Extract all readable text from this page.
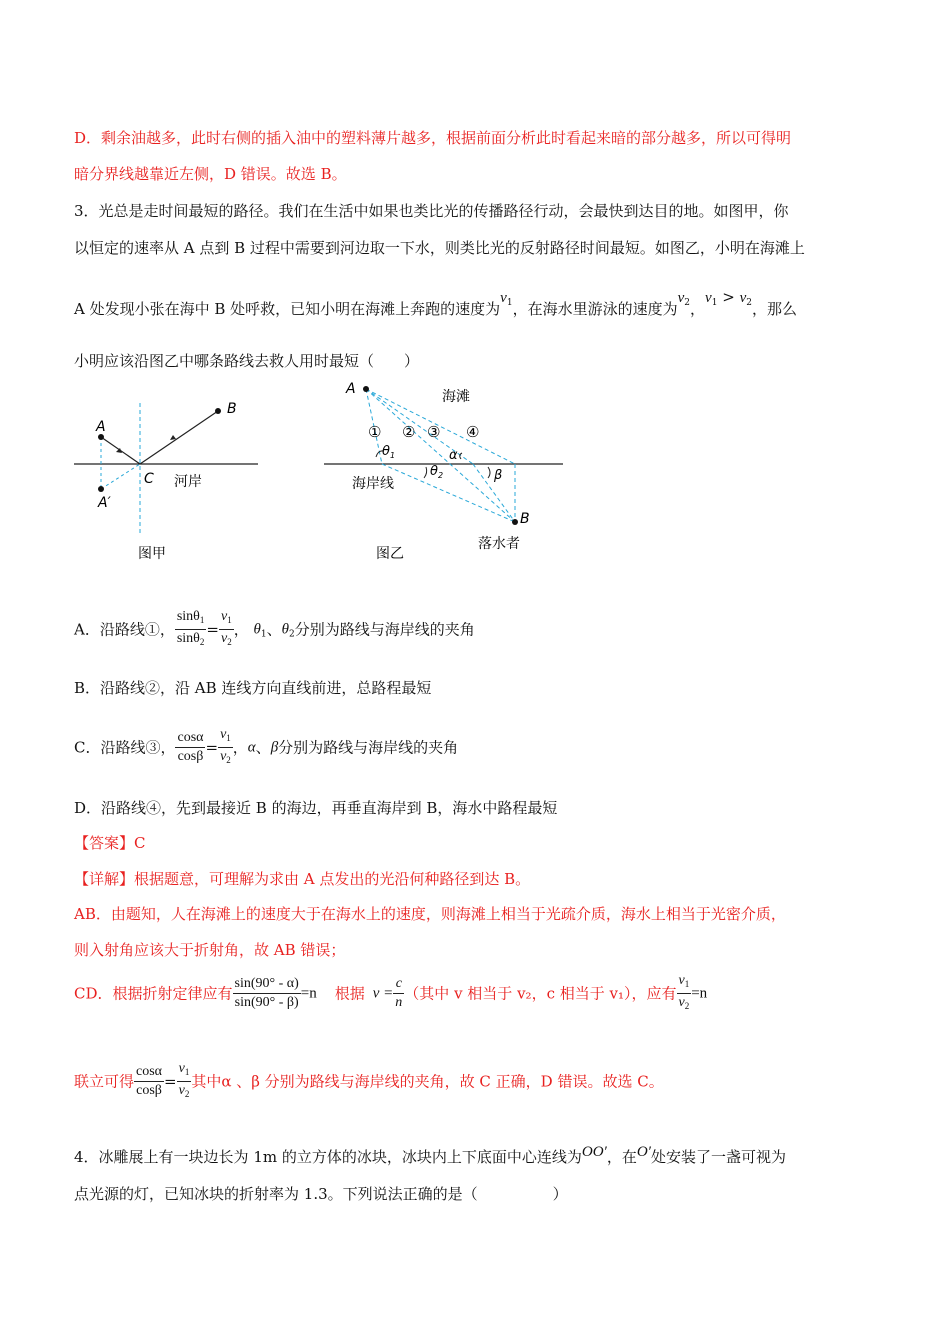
D．剩余油越多，此时右侧的插入油中的塑料薄片越多，根据前面分析此时看起来暗的部分越多，所以可得明
暗分界线越靠近左侧，D 错误。故选 B。
3．光总是走时间最短的路径。我们在生活中如果也类比光的传播路径行动，会最快到达目的地。如图甲，你
以恒定的速率从 A 点到 B 过程中需要到河边取一下水，则类比光的反射路径时间最短。如图乙，小明在海滩上
A 处发现小张在海中 B 处呼救，已知小明在海滩上奔跑的速度为$v_1$，在海水里游泳的速度为$v_2$，$v_1 > v_2$，那么
小明应该沿图乙中哪条路线去救人用时最短（　　）
A
B
C
A′
河岸
图甲
A
B
海滩
海岸线
落水者
① ② ③ ④
$\theta_1$
$\theta_2$
α
β
图乙
A．沿路线①， $\frac{\sin\theta_1}{\sin\theta_2} = \frac{v_1}{v_2}$ ， $\theta_1$、$\theta_2$分别为路线与海岸线的夹角
B．沿路线②，沿 AB 连线方向直线前进，总路程最短
C．沿路线③， $\frac{\cos\alpha}{\cos\beta} = \frac{v_1}{v_2}$ ，α、β分别为路线与海岸线的夹角
D．沿路线④，先到最接近 B 的海边，再垂直海岸到 B，海水中路程最短
【答案】C
【详解】根据题意，可理解为求由 A 点发出的光沿何种路径到达 B。
AB．由题知，人在海滩上的速度大于在海水上的速度，则海滩上相当于光疏介质，海水上相当于光密介质，
则入射角应该大于折射角，故 AB 错误；
CD．根据折射定律应有 $\frac{\sin(90^\circ - \alpha)}{\sin(90^\circ - \beta)} =n$ 根据 $v = \frac{c}{n}$ （其中 v 相当于 v₂，c 相当于 v₁），应有 $\frac{v_1}{v_2} =n$
联立可得 $\frac{\cos\alpha}{\cos\beta} = \frac{v_1}{v_2}$ 其中α 、β 分别为路线与海岸线的夹角，故 C 正确，D 错误。故选 C。
4．冰雕展上有一块边长为 1m 的立方体的冰块，冰块内上下底面中心连线为OO′，在O′处安装了一盏可视为
点光源的灯，已知冰块的折射率为 1.3。下列说法正确的是（　　　　　）
